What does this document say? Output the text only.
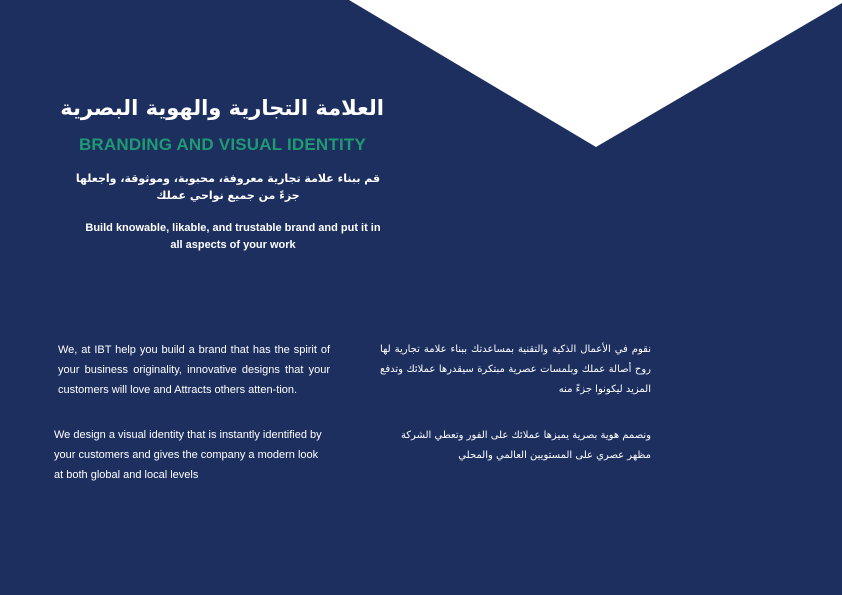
العلامة التجارية والهوية البصرية
BRANDING AND VISUAL IDENTITY
قم ببناء علامة تجارية معروفة، محبوبة، وموثوقة، واجعلها جزءً من جميع نواحي عملك
Build knowable, likable, and trustable brand and put it in all aspects of your work
We, at IBT help you build a brand that has the spirit of your business originality, innovative designs that your customers will love and Attracts others atten-tion.
We design a visual identity that is instantly identified by your customers and gives the company a modern look at both global and local levels
نقوم في الأعمال الذكية والتقنية بمساعدتك ببناء علامة تجارية لها روح أصالة عملك وبلمسات عصرية مبتكرة سيقدرها عملائك وتدفع المزيد ليكونوا جزءً منه
ونصمم هوية بصرية يميزها عملائك على الفور وتعطي الشركة مظهر عصري على المستويين العالمي والمحلي
